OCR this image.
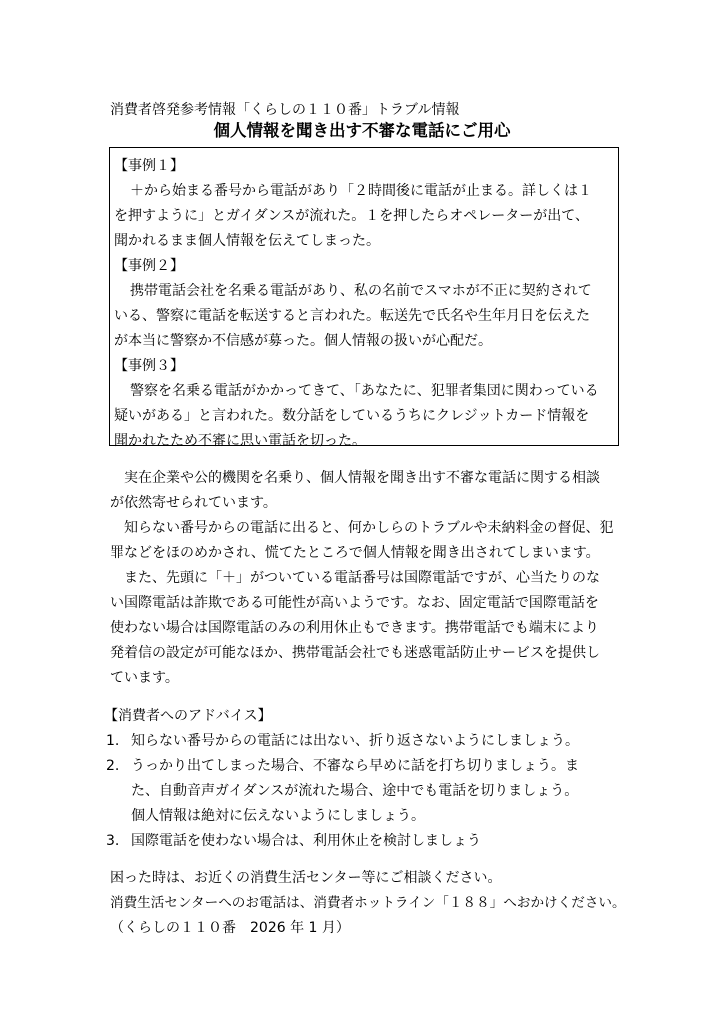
消費者啓発参考情報「くらしの１１０番」トラブル情報
個人情報を聞き出す不審な電話にご用心
【事例１】
＋から始まる番号から電話があり「２時間後に電話が止まる。詳しくは１
を押すように」とガイダンスが流れた。１を押したらオペレーターが出て、
聞かれるまま個人情報を伝えてしまった。
【事例２】
携帯電話会社を名乗る電話があり、私の名前でスマホが不正に契約されて
いる、警察に電話を転送すると言われた。転送先で氏名や生年月日を伝えた
が本当に警察か不信感が募った。個人情報の扱いが心配だ。
【事例３】
警察を名乗る電話がかかってきて、「あなたに、犯罪者集団に関わっている
疑いがある」と言われた。数分話をしているうちにクレジットカード情報を
聞かれたため不審に思い電話を切った。
実在企業や公的機関を名乗り、個人情報を聞き出す不審な電話に関する相談
が依然寄せられています。
知らない番号からの電話に出ると、何かしらのトラブルや未納料金の督促、犯
罪などをほのめかされ、慌てたところで個人情報を聞き出されてしまいます。
また、先頭に「＋」がついている電話番号は国際電話ですが、心当たりのな
い国際電話は詐欺である可能性が高いようです。なお、固定電話で国際電話を
使わない場合は国際電話のみの利用休止もできます。携帯電話でも端末により
発着信の設定が可能なほか、携帯電話会社でも迷惑電話防止サービスを提供し
ています。
【消費者へのアドバイス】
1. 知らない番号からの電話には出ない、折り返さないようにしましょう。
2. うっかり出てしまった場合、不審なら早めに話を打ち切りましょう。ま
た、自動音声ガイダンスが流れた場合、途中でも電話を切りましょう。
個人情報は絶対に伝えないようにしましょう。
3. 国際電話を使わない場合は、利用休止を検討しましょう
困った時は、お近くの消費生活センター等にご相談ください。
消費生活センターへのお電話は、消費者ホットライン「１８８」へおかけください。
（くらしの１１０番　2026 年 1 月）
